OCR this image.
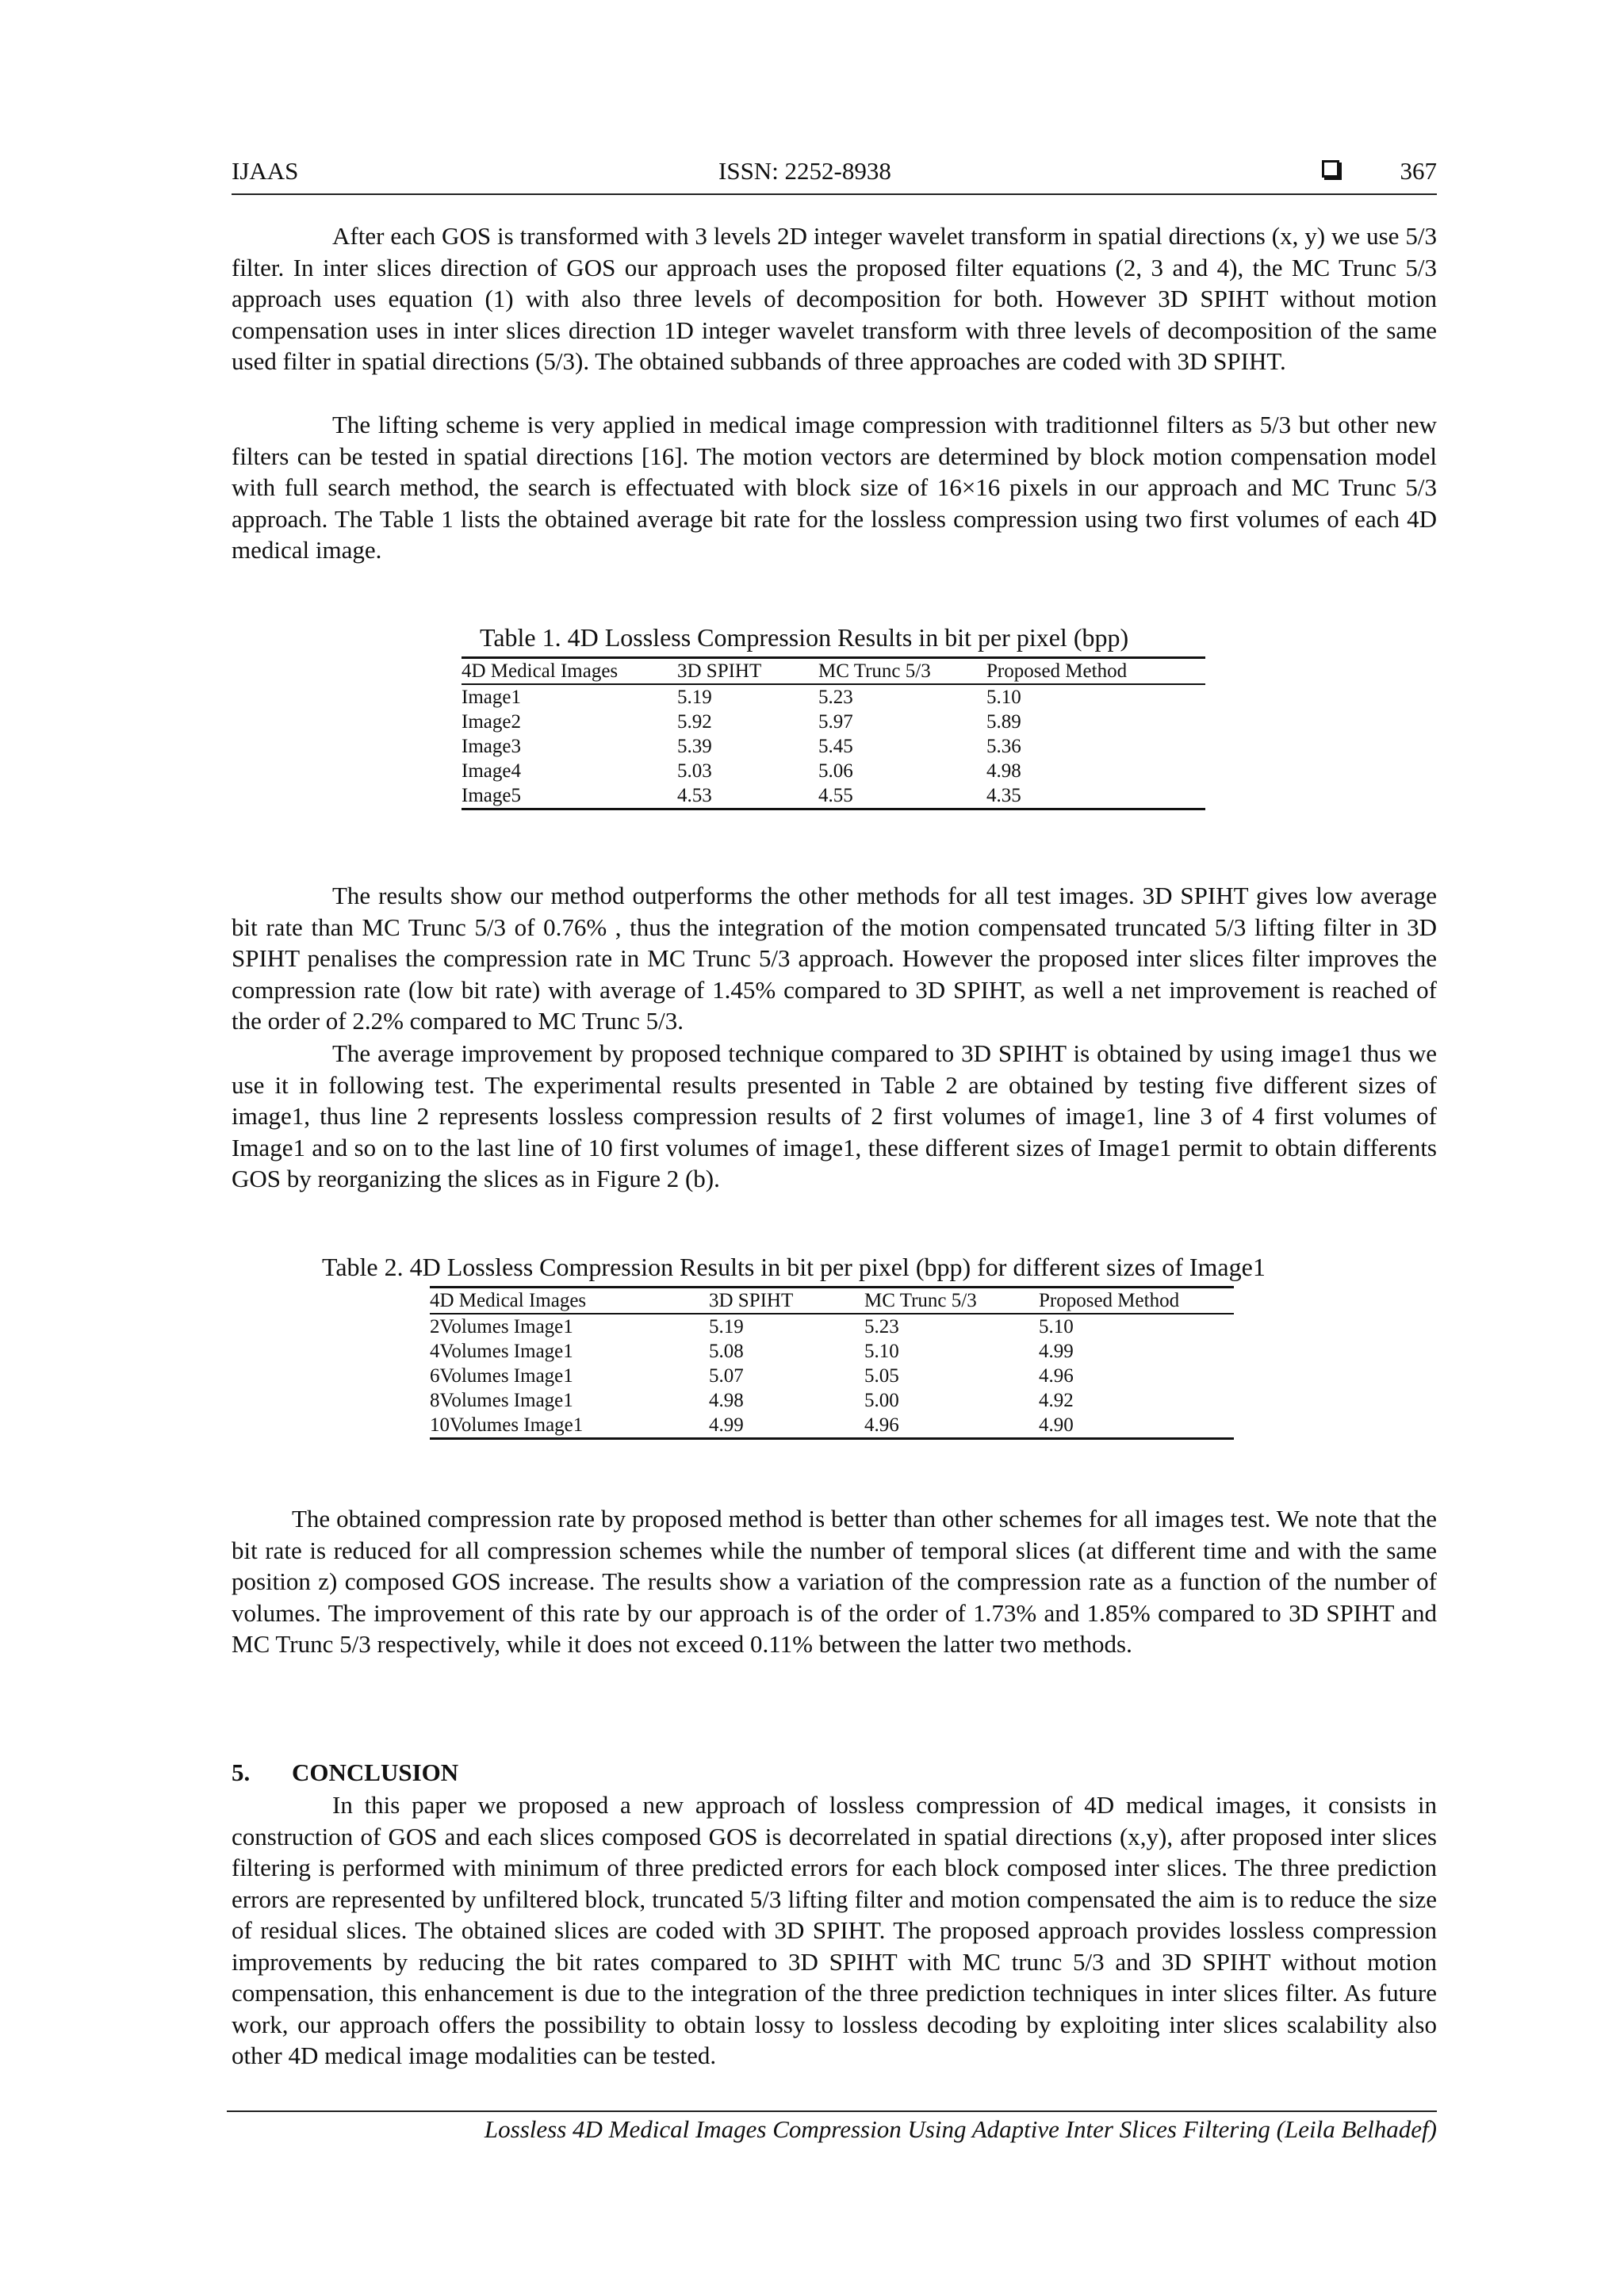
IJAAS	ISSN: 2252-8938	367

After each GOS is transformed with 3 levels 2D integer wavelet transform in spatial directions (x, y) we use 5/3 filter. In inter slices direction of GOS our approach uses the proposed filter equations (2, 3 and 4), the MC Trunc 5/3 approach uses equation (1) with also three levels of decomposition for both. However 3D SPIHT without motion compensation uses in inter slices direction 1D integer wavelet transform with three levels of decomposition of the same used filter in spatial directions (5/3). The obtained subbands of three approaches are coded with 3D SPIHT.

The lifting scheme is very applied in medical image compression with traditionnel filters as 5/3 but other new filters can be tested in spatial directions [16]. The motion vectors are determined by block motion compensation model with full search method, the search is effectuated with block size of 16×16 pixels in our approach and MC Trunc 5/3 approach. The Table 1 lists the obtained average bit rate for the lossless compression using two first volumes of each 4D medical image.

Table 1. 4D Lossless Compression Results in bit per pixel (bpp)
4D Medical Images	3D SPIHT	MC Trunc 5/3	Proposed Method
Image1	5.19	5.23	5.10
Image2	5.92	5.97	5.89
Image3	5.39	5.45	5.36
Image4	5.03	5.06	4.98
Image5	4.53	4.55	4.35

The results show our method outperforms the other methods for all test images. 3D SPIHT gives low average bit rate than MC Trunc 5/3 of 0.76% , thus the integration of the motion compensated truncated 5/3 lifting filter in 3D SPIHT penalises the compression rate in MC Trunc 5/3 approach. However the proposed inter slices filter improves the compression rate (low bit rate) with average of 1.45% compared to 3D SPIHT, as well a net improvement is reached of the order of 2.2% compared to MC Trunc 5/3.

The average improvement by proposed technique compared to 3D SPIHT is obtained by using image1 thus we use it in following test. The experimental results presented in Table 2 are obtained by testing five different sizes of image1, thus line 2 represents lossless compression results of 2 first volumes of image1, line 3 of 4 first volumes of Image1 and so on to the last line of 10 first volumes of image1, these different sizes of Image1 permit to obtain differents GOS by reorganizing the slices as in Figure 2 (b).

Table 2. 4D Lossless Compression Results in bit per pixel (bpp) for different sizes of Image1
4D Medical Images	3D SPIHT	MC Trunc 5/3	Proposed Method
2Volumes Image1	5.19	5.23	5.10
4Volumes Image1	5.08	5.10	4.99
6Volumes Image1	5.07	5.05	4.96
8Volumes Image1	4.98	5.00	4.92
10Volumes Image1	4.99	4.96	4.90

The obtained compression rate by proposed method is better than other schemes for all images test. We note that the bit rate is reduced for all compression schemes while the number of temporal slices (at different time and with the same position z) composed GOS increase. The results show a variation of the compression rate as a function of the number of volumes. The improvement of this rate by our approach is of the order of 1.73% and 1.85% compared to 3D SPIHT and MC Trunc 5/3 respectively, while it does not exceed 0.11% between the latter two methods.

5. CONCLUSION

In this paper we proposed a new approach of lossless compression of 4D medical images, it consists in construction of GOS and each slices composed GOS is decorrelated in spatial directions (x,y), after proposed inter slices filtering is performed with minimum of three predicted errors for each block composed inter slices. The three prediction errors are represented by unfiltered block, truncated 5/3 lifting filter and motion compensated the aim is to reduce the size of residual slices. The obtained slices are coded with 3D SPIHT. The proposed approach provides lossless compression improvements by reducing the bit rates compared to 3D SPIHT with MC trunc 5/3 and 3D SPIHT without motion compensation, this enhancement is due to the integration of the three prediction techniques in inter slices filter. As future work, our approach offers the possibility to obtain lossy to lossless decoding by exploiting inter slices scalability also other 4D medical image modalities can be tested.

Lossless 4D Medical Images Compression Using Adaptive Inter Slices Filtering (Leila Belhadef)
